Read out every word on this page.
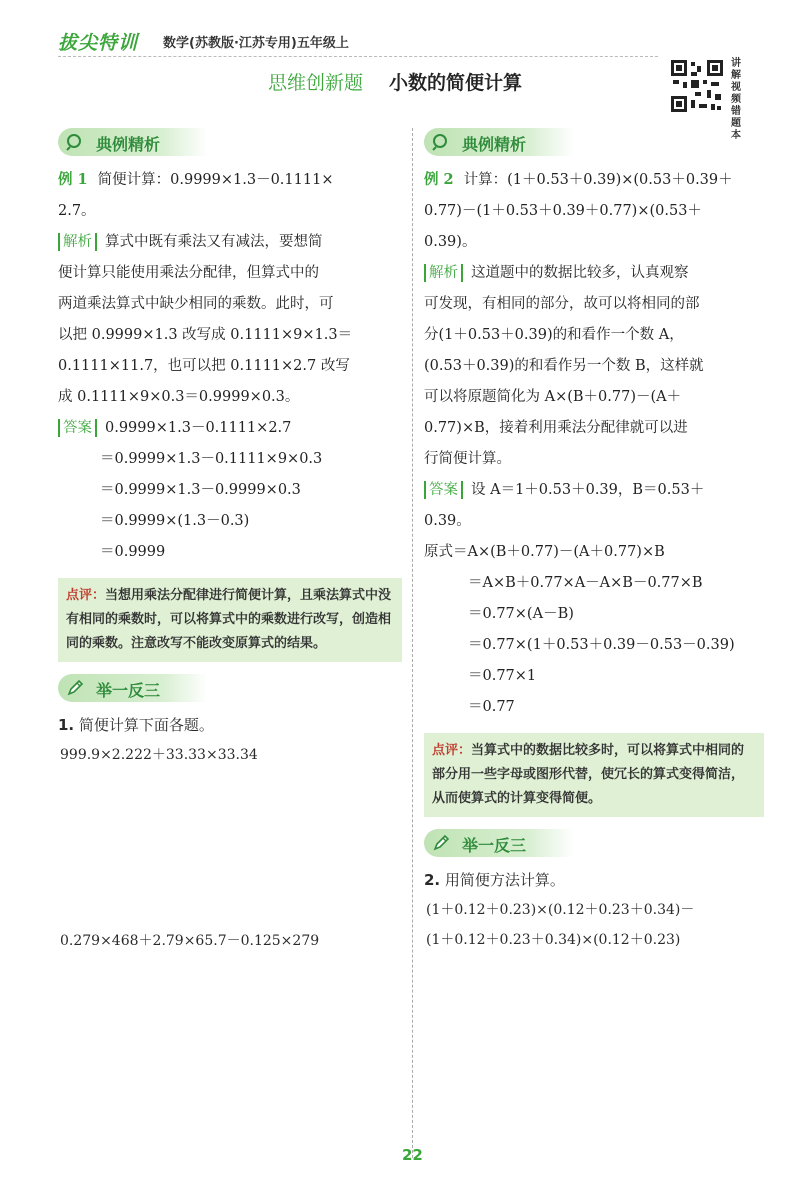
拔尖特训 数学(苏教版·江苏专用)五年级上
思维创新题 小数的简便计算
讲解视频错题本
典例精析

例 1 简便计算：0.9999×1.3－0.1111×

2.7。

解析 算式中既有乘法又有减法，要想简

便计算只能使用乘法分配律，但算式中的

两道乘法算式中缺少相同的乘数。此时，可

以把 0.9999×1.3 改写成 0.1111×9×1.3＝

0.1111×11.7，也可以把 0.1111×2.7 改写

成 0.1111×9×0.3＝0.9999×0.3。

答案 0.9999×1.3－0.1111×2.7

＝0.9999×1.3－0.1111×9×0.3

＝0.9999×1.3－0.9999×0.3

＝0.9999×(1.3－0.3)

＝0.9999

点评：当想用乘法分配律进行简便计算，且乘法算式中没有相同的乘数时，可以将算式中的乘数进行改写，创造相同的乘数。注意改写不能改变原算式的结果。
举一反三
1. 简便计算下面各题。
999.9×2.222＋33.33×33.34
0.279×468＋2.79×65.7－0.125×279
典例精析

例 2 计算：(1＋0.53＋0.39)×(0.53＋0.39＋

0.77)－(1＋0.53＋0.39＋0.77)×(0.53＋

0.39)。

解析 这道题中的数据比较多，认真观察

可发现，有相同的部分，故可以将相同的部

分(1＋0.53＋0.39)的和看作一个数 A，

(0.53＋0.39)的和看作另一个数 B，这样就

可以将原题简化为 A×(B＋0.77)－(A＋

0.77)×B，接着利用乘法分配律就可以进

行简便计算。

答案 设 A＝1＋0.53＋0.39，B＝0.53＋

0.39。

原式＝A×(B＋0.77)－(A＋0.77)×B

＝A×B＋0.77×A－A×B－0.77×B

＝0.77×(A－B)

＝0.77×(1＋0.53＋0.39－0.53－0.39)

＝0.77×1

＝0.77

点评：当算式中的数据比较多时，可以将算式中相同的部分用一些字母或图形代替，使冗长的算式变得简洁，从而使算式的计算变得简便。
举一反三
2. 用简便方法计算。
(1＋0.12＋0.23)×(0.12＋0.23＋0.34)－
(1＋0.12＋0.23＋0.34)×(0.12＋0.23)
22
